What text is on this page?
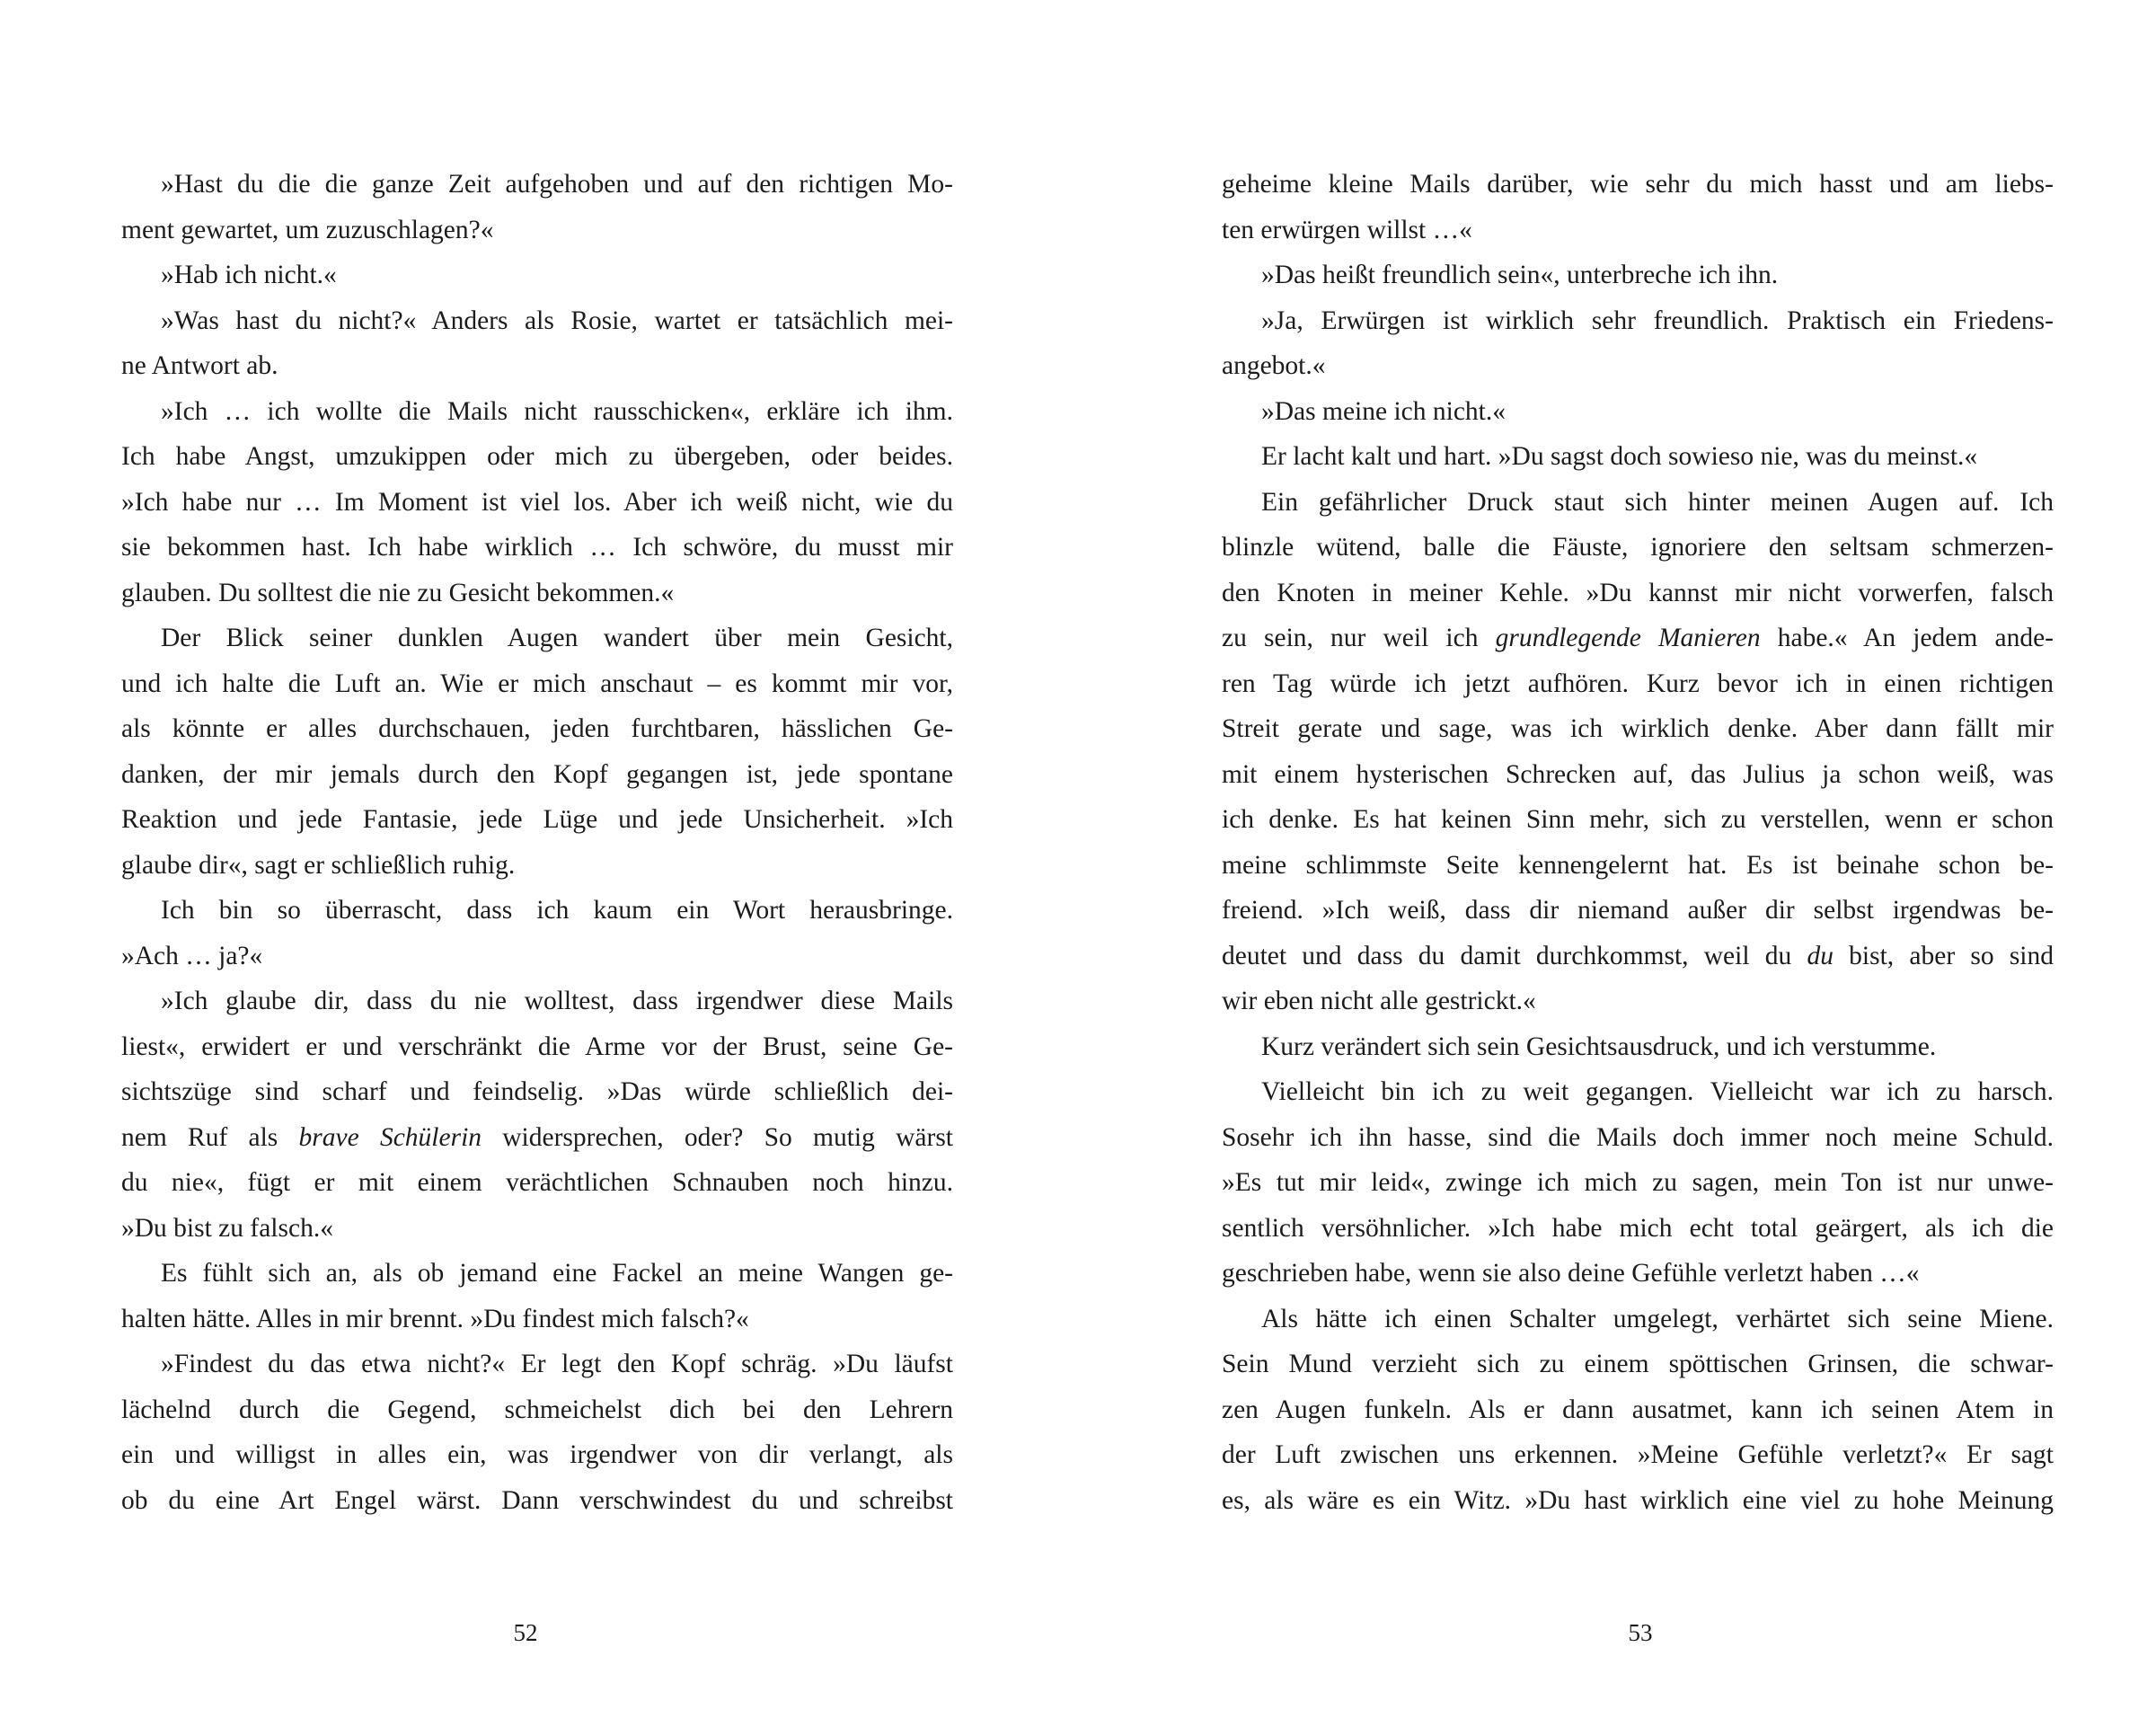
»Hast du die die ganze Zeit aufgehoben und auf den richtigen Mo-
ment gewartet, um zuzuschlagen?«
»Hab ich nicht.«
»Was hast du nicht?« Anders als Rosie, wartet er tatsächlich mei-
ne Antwort ab.
»Ich … ich wollte die Mails nicht rausschicken«, erkläre ich ihm.
Ich habe Angst, umzukippen oder mich zu übergeben, oder beides.
»Ich habe nur … Im Moment ist viel los. Aber ich weiß nicht, wie du
sie bekommen hast. Ich habe wirklich … Ich schwöre, du musst mir
glauben. Du solltest die nie zu Gesicht bekommen.«
Der Blick seiner dunklen Augen wandert über mein Gesicht,
und ich halte die Luft an. Wie er mich anschaut – es kommt mir vor,
als könnte er alles durchschauen, jeden furchtbaren, hässlichen Ge-
danken, der mir jemals durch den Kopf gegangen ist, jede spontane
Reaktion und jede Fantasie, jede Lüge und jede Unsicherheit. »Ich
glaube dir«, sagt er schließlich ruhig.
Ich bin so überrascht, dass ich kaum ein Wort herausbringe.
»Ach … ja?«
»Ich glaube dir, dass du nie wolltest, dass irgendwer diese Mails
liest«, erwidert er und verschränkt die Arme vor der Brust, seine Ge-
sichtszüge sind scharf und feindselig. »Das würde schließlich dei-
nem Ruf als brave Schülerin widersprechen, oder? So mutig wärst
du nie«, fügt er mit einem verächtlichen Schnauben noch hinzu.
»Du bist zu falsch.«
Es fühlt sich an, als ob jemand eine Fackel an meine Wangen ge-
halten hätte. Alles in mir brennt. »Du findest mich falsch?«
»Findest du das etwa nicht?« Er legt den Kopf schräg. »Du läufst
lächelnd durch die Gegend, schmeichelst dich bei den Lehrern
ein und willigst in alles ein, was irgendwer von dir verlangt, als
ob du eine Art Engel wärst. Dann verschwindest du und schreibst
geheime kleine Mails darüber, wie sehr du mich hasst und am liebs-
ten erwürgen willst …«
»Das heißt freundlich sein«, unterbreche ich ihn.
»Ja, Erwürgen ist wirklich sehr freundlich. Praktisch ein Friedens-
angebot.«
»Das meine ich nicht.«
Er lacht kalt und hart. »Du sagst doch sowieso nie, was du meinst.«
Ein gefährlicher Druck staut sich hinter meinen Augen auf. Ich
blinzle wütend, balle die Fäuste, ignoriere den seltsam schmerzen-
den Knoten in meiner Kehle. »Du kannst mir nicht vorwerfen, falsch
zu sein, nur weil ich grundlegende Manieren habe.« An jedem ande-
ren Tag würde ich jetzt aufhören. Kurz bevor ich in einen richtigen
Streit gerate und sage, was ich wirklich denke. Aber dann fällt mir
mit einem hysterischen Schrecken auf, das Julius ja schon weiß, was
ich denke. Es hat keinen Sinn mehr, sich zu verstellen, wenn er schon
meine schlimmste Seite kennengelernt hat. Es ist beinahe schon be-
freiend. »Ich weiß, dass dir niemand außer dir selbst irgendwas be-
deutet und dass du damit durchkommst, weil du du bist, aber so sind
wir eben nicht alle gestrickt.«
Kurz verändert sich sein Gesichtsausdruck, und ich verstumme.
Vielleicht bin ich zu weit gegangen. Vielleicht war ich zu harsch.
Sosehr ich ihn hasse, sind die Mails doch immer noch meine Schuld.
»Es tut mir leid«, zwinge ich mich zu sagen, mein Ton ist nur unwe-
sentlich versöhnlicher. »Ich habe mich echt total geärgert, als ich die
geschrieben habe, wenn sie also deine Gefühle verletzt haben …«
Als hätte ich einen Schalter umgelegt, verhärtet sich seine Miene.
Sein Mund verzieht sich zu einem spöttischen Grinsen, die schwar-
zen Augen funkeln. Als er dann ausatmet, kann ich seinen Atem in
der Luft zwischen uns erkennen. »Meine Gefühle verletzt?« Er sagt
es, als wäre es ein Witz. »Du hast wirklich eine viel zu hohe Meinung
52	53
